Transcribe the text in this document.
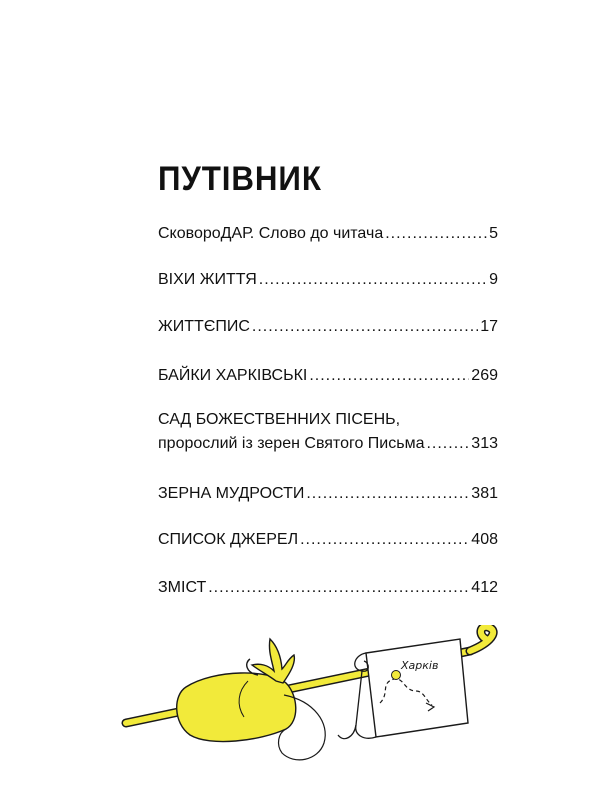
ПУТІВНИК
СковороДАР. Слово до читача .....	5
ВІХИ ЖИТТЯ .....	9
ЖИТТЄПИС .....	17
БАЙКИ ХАРКІВСЬКІ .....	269
САД БОЖЕСТВЕННИХ ПІСЕНЬ,
пророслий із зерен Святого Письма .....	313
ЗЕРНА МУДРОСТИ .....	381
СПИСОК ДЖЕРЕЛ .....	408
ЗМІСТ .....	412
Харків
